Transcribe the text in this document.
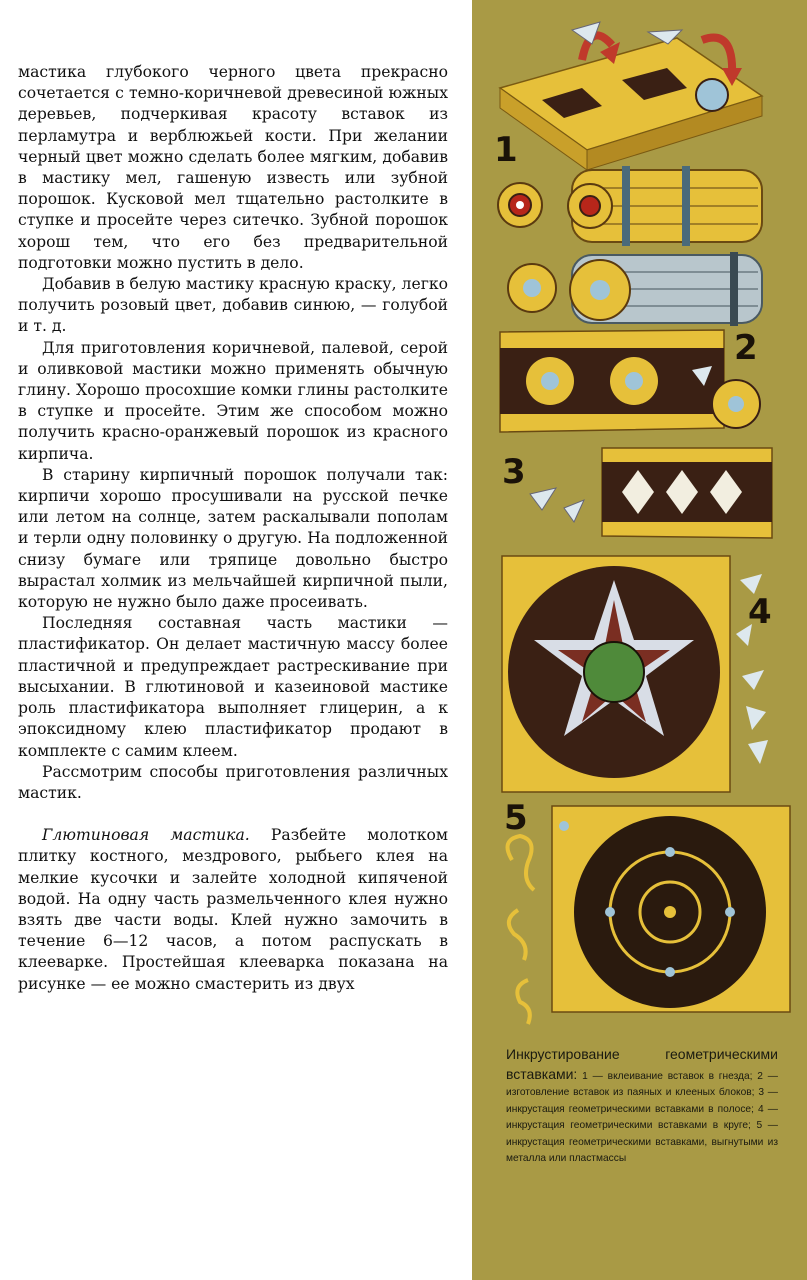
мастика глубокого черного цвета прекрасно сочетается с темно-коричневой древесиной южных деревьев, подчеркивая красоту вставок из перламутра и верблюжьей кости. При желании черный цвет можно сделать более мягким, добавив в мастику мел, гашеную известь или зубной порошок. Кусковой мел тщательно растолките в ступке и просейте через ситечко. Зубной порошок хорош тем, что его без предварительной подготовки можно пустить в дело.

Добавив в белую мастику красную краску, легко получить розовый цвет, добавив синюю, — голубой и т. д.

Для приготовления коричневой, палевой, серой и оливковой мастики можно применять обычную глину. Хорошо просохшие комки глины растолките в ступке и просейте. Этим же способом можно получить красно-оранжевый порошок из красного кирпича.

В старину кирпичный порошок получали так: кирпичи хорошо просушивали на русской печке или летом на солнце, затем раскалывали пополам и терли одну половинку о другую. На подложенной снизу бумаге или тряпице довольно быстро вырастал холмик из мельчайшей кирпичной пыли, которую не нужно было даже просеивать.

Последняя составная часть мастики — пластификатор. Он делает мастичную массу более пластичной и предупреждает растрескивание при высыхании. В глютиновой и казеиновой мастике роль пластификатора выполняет глицерин, а к эпоксидному клею пластификатор продают в комплекте с самим клеем.

Рассмотрим способы приготовления различных мастик.

Глютиновая мастика. Разбейте молотком плитку костного, мездрового, рыбьего клея на мелкие кусочки и залейте холодной кипяченой водой. На одну часть размельченного клея нужно взять две части воды. Клей нужно замочить в течение 6—12 часов, а потом распускать в клееварке. Простейшая клееварка показана на рисунке — ее можно смастерить из двух

1
2
3
4
5
Инкрустирование геометрическими вставками: 1 — вклеивание вставок в гнезда; 2 — изготовление вставок из паяных и клееных блоков; 3 — инкрустация геометрическими вставками в полосе; 4 — инкрустация геометрическими вставками в круге; 5 — инкрустация геометрическими вставками, выгнутыми из металла или пластмассы
